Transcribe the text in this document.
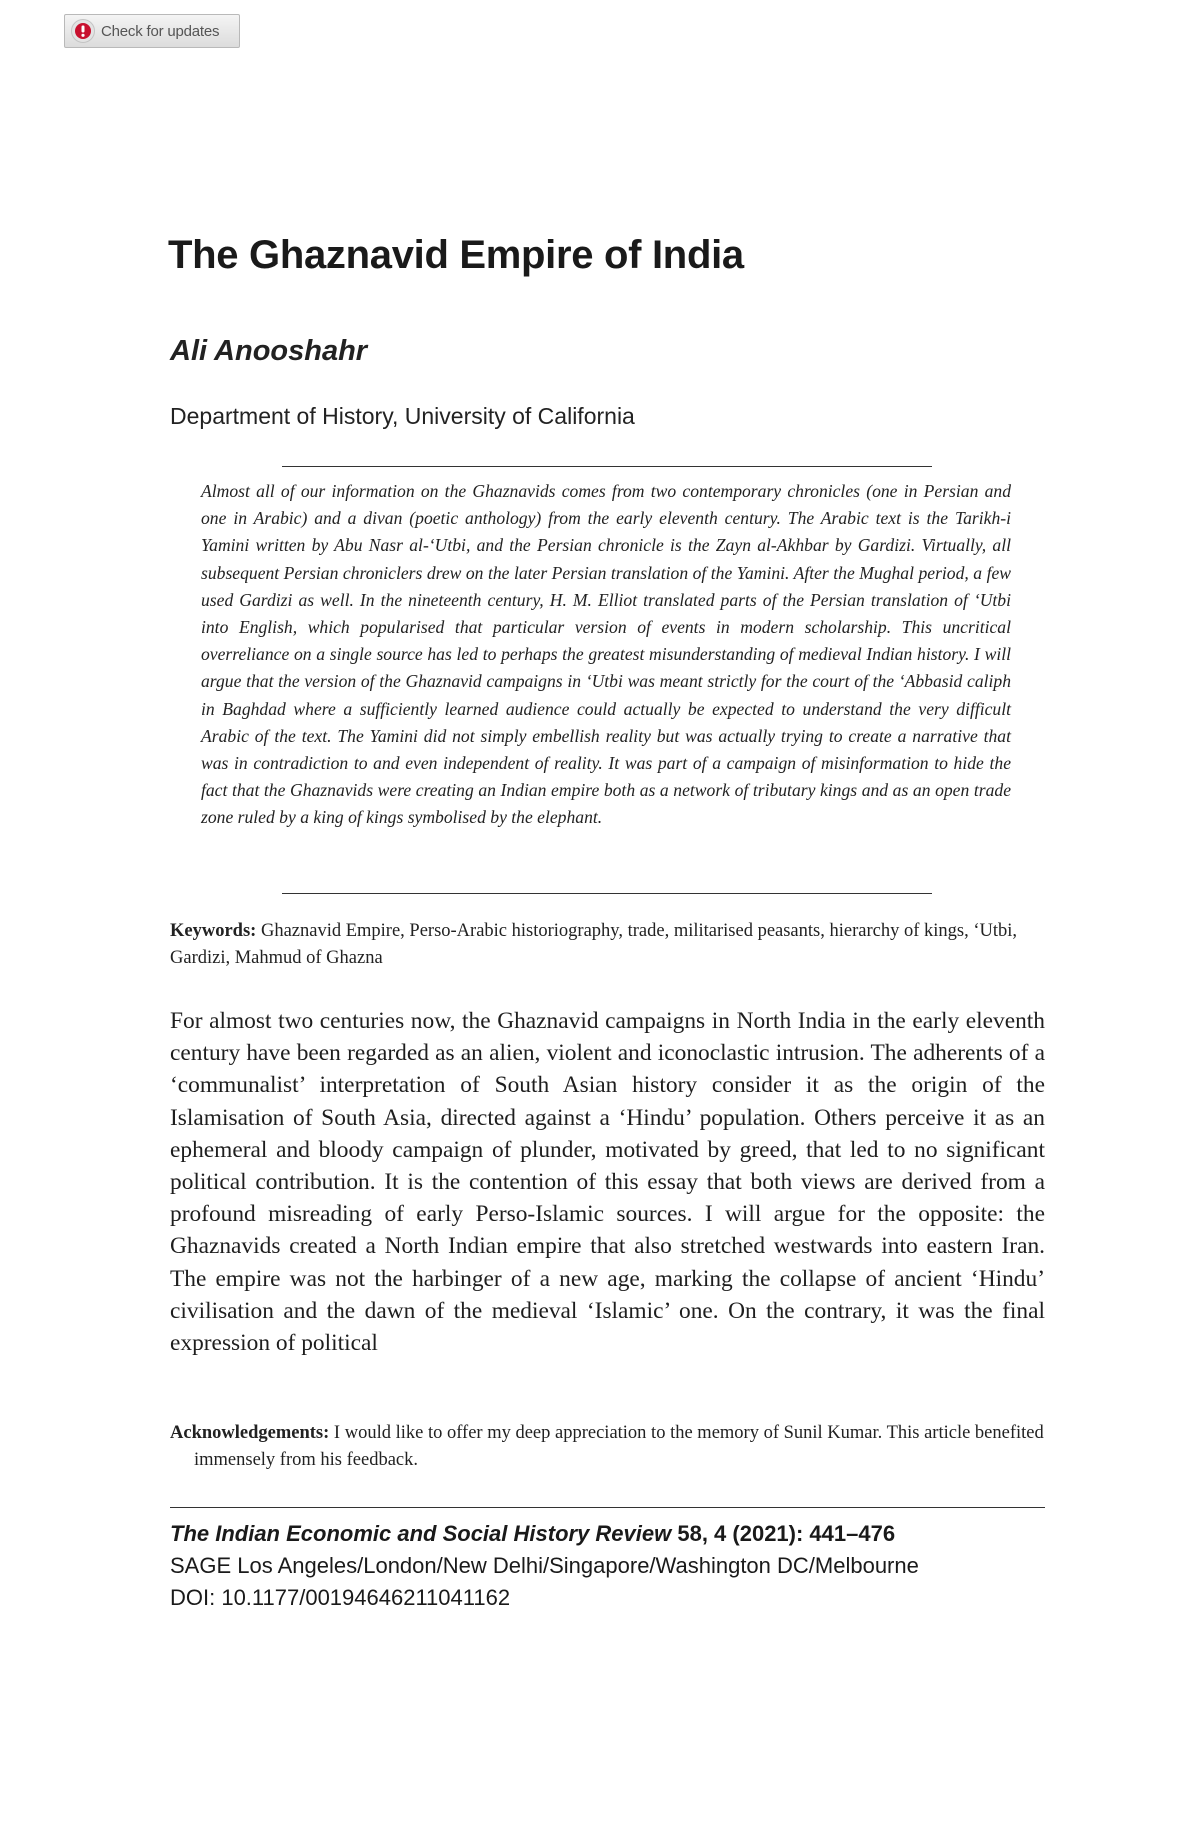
Check for updates
The Ghaznavid Empire of India
Ali Anooshahr
Department of History, University of California

Almost all of our information on the Ghaznavids comes from two contemporary chronicles (one in Persian and one in Arabic) and a divan (poetic anthology) from the early eleventh century. The Arabic text is the Tarikh-i Yamini written by Abu Nasr al-‘Utbi, and the Persian chronicle is the Zayn al-Akhbar by Gardizi. Virtually, all subsequent Persian chroniclers drew on the later Persian translation of the Yamini. After the Mughal period, a few used Gardizi as well. In the nineteenth century, H. M. Elliot translated parts of the Persian translation of ‘Utbi into English, which popularised that particular version of events in modern scholarship. This uncritical overreliance on a single source has led to perhaps the greatest misunderstanding of medieval Indian history. I will argue that the version of the Ghaznavid campaigns in ‘Utbi was meant strictly for the court of the ‘Abbasid caliph in Baghdad where a sufficiently learned audience could actually be expected to understand the very difficult Arabic of the text. The Yamini did not simply embellish reality but was actually trying to create a narrative that was in contradiction to and even independent of reality. It was part of a campaign of misinformation to hide the fact that the Ghaznavids were creating an Indian empire both as a network of tributary kings and as an open trade zone ruled by a king of kings symbolised by the elephant.

Keywords: Ghaznavid Empire, Perso-Arabic historiography, trade, militarised peasants, hierarchy of kings, ‘Utbi, Gardizi, Mahmud of Ghazna

For almost two centuries now, the Ghaznavid campaigns in North India in the early eleventh century have been regarded as an alien, violent and iconoclastic intrusion. The adherents of a ‘communalist’ interpretation of South Asian history consider it as the origin of the Islamisation of South Asia, directed against a ‘Hindu’ population. Others perceive it as an ephemeral and bloody campaign of plunder, motivated by greed, that led to no significant political contribution. It is the contention of this essay that both views are derived from a profound misreading of early Perso-Islamic sources. I will argue for the opposite: the Ghaznavids created a North Indian empire that also stretched westwards into eastern Iran. The empire was not the harbinger of a new age, marking the collapse of ancient ‘Hindu’ civilisation and the dawn of the medieval ‘Islamic’ one. On the contrary, it was the final expression of political

Acknowledgements: I would like to offer my deep appreciation to the memory of Sunil Kumar. This article benefited immensely from his feedback.

The Indian Economic and Social History Review 58, 4 (2021): 441–476
SAGE Los Angeles/London/New Delhi/Singapore/Washington DC/Melbourne
DOI: 10.1177/00194646211041162
